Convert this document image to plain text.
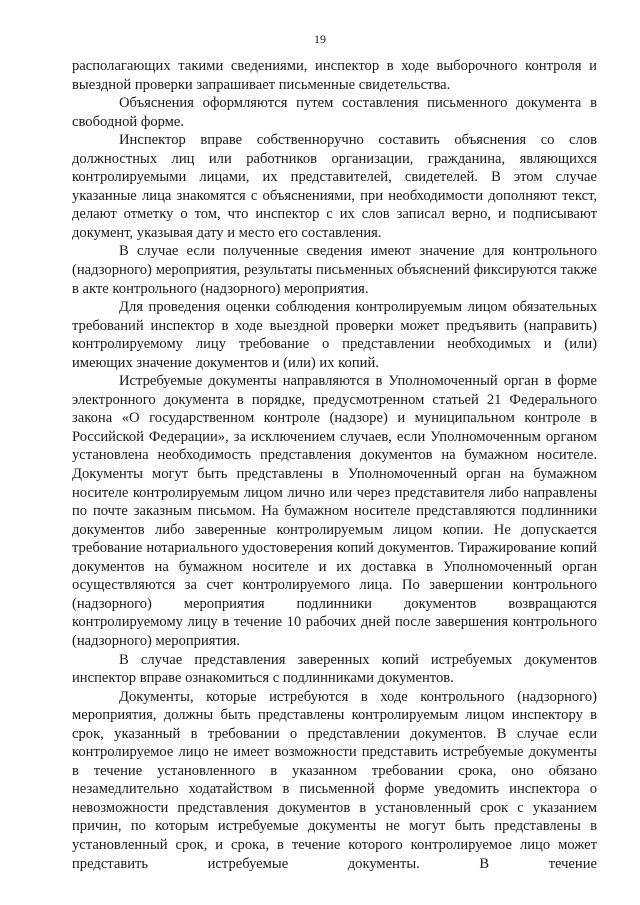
19

располагающих такими сведениями, инспектор в ходе выборочного контроля и выездной проверки запрашивает письменные свидетельства.

Объяснения оформляются путем составления письменного документа в свободной форме.

Инспектор вправе собственноручно составить объяснения со слов должностных лиц или работников организации, гражданина, являющихся контролируемыми лицами, их представителей, свидетелей. В этом случае указанные лица знакомятся с объяснениями, при необходимости дополняют текст, делают отметку о том, что инспектор с их слов записал верно, и подписывают документ, указывая дату и место его составления.

В случае если полученные сведения имеют значение для контрольного (надзорного) мероприятия, результаты письменных объяснений фиксируются также в акте контрольного (надзорного) мероприятия.

Для проведения оценки соблюдения контролируемым лицом обязательных требований инспектор в ходе выездной проверки может предъявить (направить) контролируемому лицу требование о представлении необходимых и (или) имеющих значение документов и (или) их копий.

Истребуемые документы направляются в Уполномоченный орган в форме электронного документа в порядке, предусмотренном статьей 21 Федерального закона «О государственном контроле (надзоре) и муниципальном контроле в Российской Федерации», за исключением случаев, если Уполномоченным органом установлена необходимость представления документов на бумажном носителе. Документы могут быть представлены в Уполномоченный орган на бумажном носителе контролируемым лицом лично или через представителя либо направлены по почте заказным письмом. На бумажном носителе представляются подлинники документов либо заверенные контролируемым лицом копии. Не допускается требование нотариального удостоверения копий документов. Тиражирование копий документов на бумажном носителе и их доставка в Уполномоченный орган осуществляются за счет контролируемого лица. По завершении контрольного (надзорного) мероприятия подлинники документов возвращаются контролируемому лицу в течение 10 рабочих дней после завершения контрольного (надзорного) мероприятия.

В случае представления заверенных копий истребуемых документов инспектор вправе ознакомиться с подлинниками документов.

Документы, которые истребуются в ходе контрольного (надзорного) мероприятия, должны быть представлены контролируемым лицом инспектору в срок, указанный в требовании о представлении документов. В случае если контролируемое лицо не имеет возможности представить истребуемые документы в течение установленного в указанном требовании срока, оно обязано незамедлительно ходатайством в письменной форме уведомить инспектора о невозможности представления документов в установленный срок с указанием причин, по которым истребуемые документы не могут быть представлены в установленный срок, и срока, в течение которого контролируемое лицо может представить истребуемые документы. В течение
